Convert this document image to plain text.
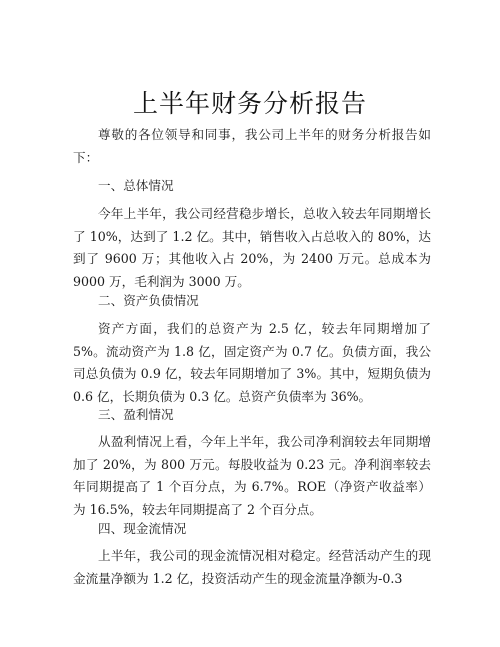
上半年财务分析报告

尊敬的各位领导和同事，我公司上半年的财务分析报告如下：

一、总体情况

今年上半年，我公司经营稳步增长，总收入较去年同期增长了 10%，达到了 1.2 亿。其中，销售收入占总收入的 80%，达到了 9600 万；其他收入占 20%，为 2400 万元。总成本为 9000 万，毛利润为 3000 万。

二、资产负债情况

资产方面，我们的总资产为 2.5 亿，较去年同期增加了 5%。流动资产为 1.8 亿，固定资产为 0.7 亿。负债方面，我公司总负债为 0.9 亿，较去年同期增加了 3%。其中，短期负债为 0.6 亿，长期负债为 0.3 亿。总资产负债率为 36%。

三、盈利情况

从盈利情况上看，今年上半年，我公司净利润较去年同期增加了 20%，为 800 万元。每股收益为 0.23 元。净利润率较去年同期提高了 1 个百分点，为 6.7%。ROE（净资产收益率）为 16.5%，较去年同期提高了 2 个百分点。

四、现金流情况

上半年，我公司的现金流情况相对稳定。经营活动产生的现金流量净额为 1.2 亿，投资活动产生的现金流量净额为-0.3
